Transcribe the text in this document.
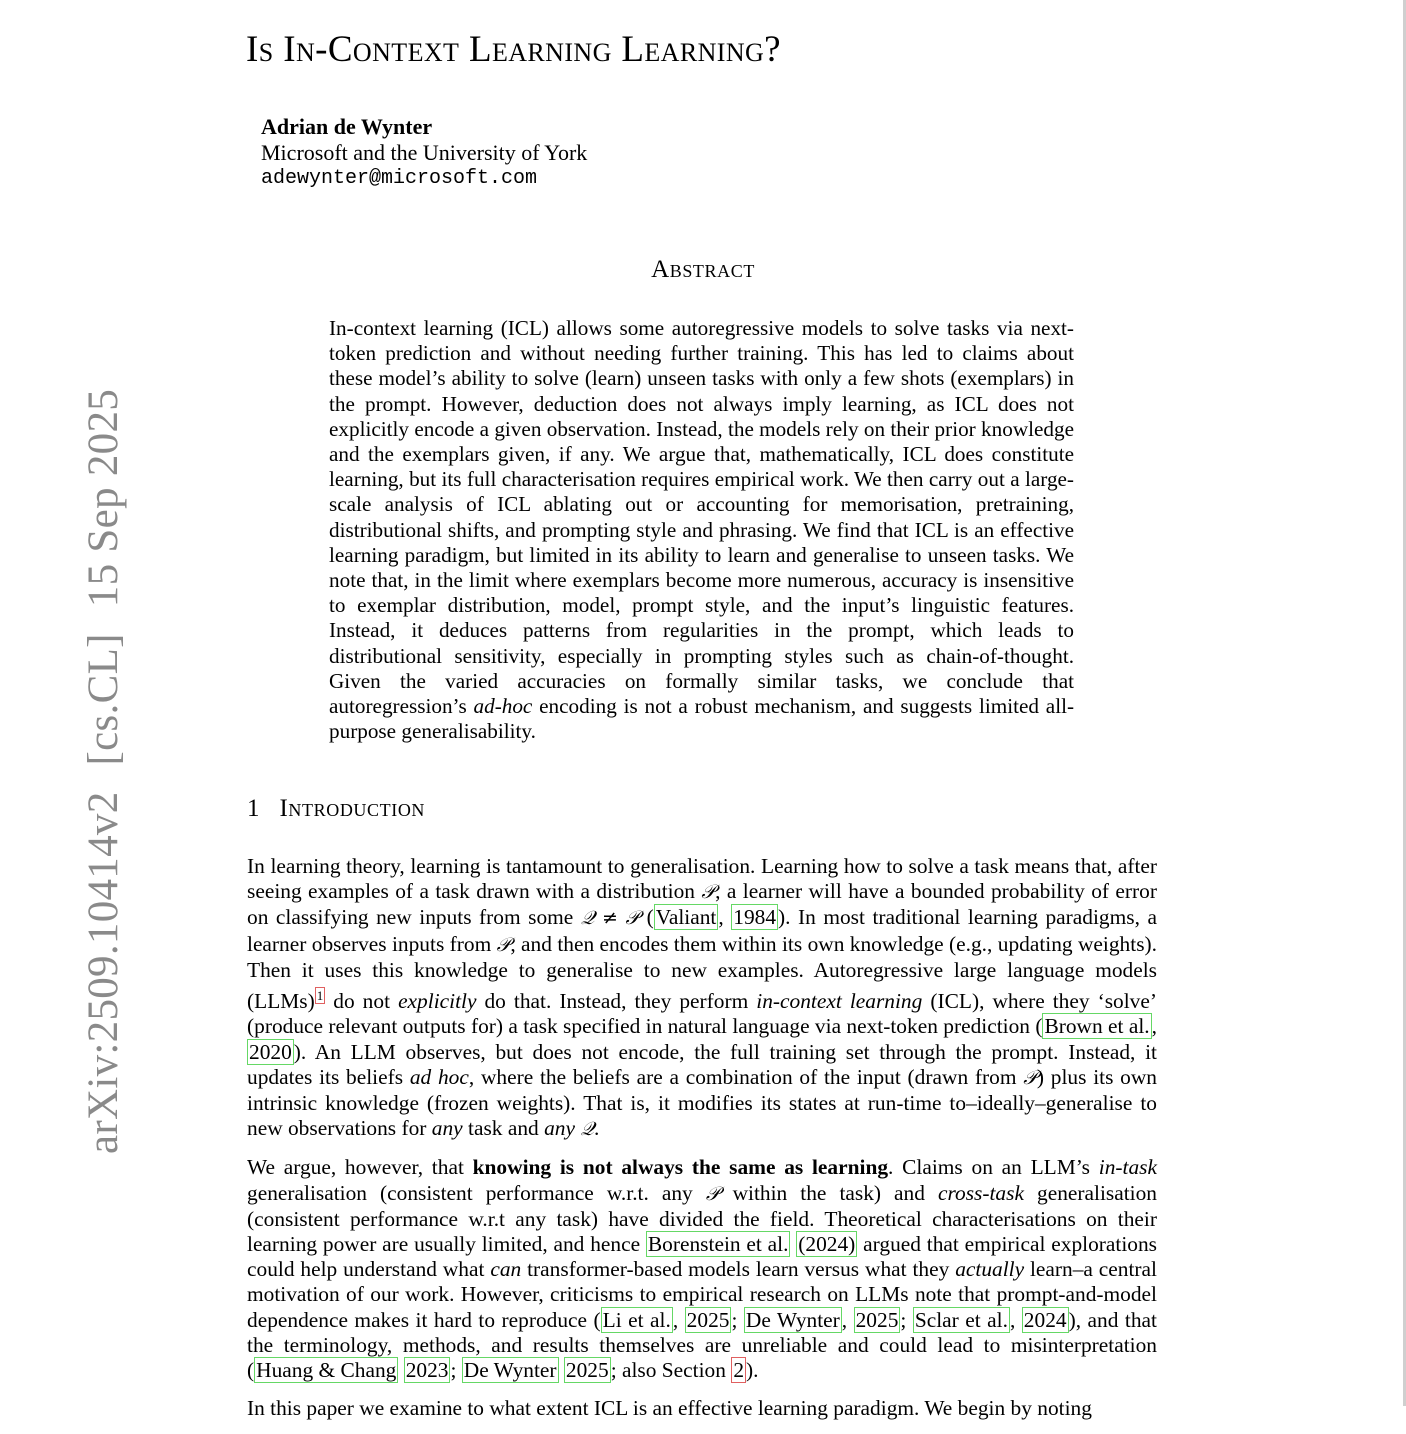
arXiv:2509.10414v2[cs.CL]15 Sep 2025
Is In-Context Learning Learning?
Adrian de Wynter
Microsoft and the University of York
adewynter@microsoft.com
Abstract

In-context learning (ICL) allows some autoregressive models to solve tasks via next-token prediction and without needing further training. This has led to claims about these model’s ability to solve (learn) unseen tasks with only a few shots (exemplars) in the prompt. However, deduction does not always imply learning, as ICL does not explicitly encode a given observation. Instead, the models rely on their prior knowledge and the exemplars given, if any. We argue that, mathematically, ICL does constitute learning, but its full characterisation requires empirical work. We then carry out a large-scale analysis of ICL ablating out or accounting for memorisation, pretraining, distributional shifts, and prompting style and phrasing. We find that ICL is an effective learning paradigm, but limited in its ability to learn and generalise to unseen tasks. We note that, in the limit where exemplars become more numerous, accuracy is insensitive to exemplar distribution, model, prompt style, and the input’s linguistic features. Instead, it deduces patterns from regularities in the prompt, which leads to distributional sensitivity, especially in prompting styles such as chain-of-thought. Given the varied accuracies on formally similar tasks, we conclude that autoregression’s ad-hoc encoding is not a robust mechanism, and suggests limited all-purpose generalisability.

1 Introduction

In learning theory, learning is tantamount to generalisation. Learning how to solve a task means that, after seeing examples of a task drawn with a distribution 𝒫, a learner will have a bounded probability of error on classifying new inputs from some 𝒬 ≠ 𝒫 (Valiant, 1984). In most traditional learning paradigms, a learner observes inputs from 𝒫, and then encodes them within its own knowledge (e.g., updating weights). Then it uses this knowledge to generalise to new examples. Autoregressive large language models (LLMs) $^1$ do not explicitly do that. Instead, they perform in-context learning (ICL), where they ‘solve’ (produce relevant outputs for) a task specified in natural language via next-token prediction (Brown et al., 2020). An LLM observes, but does not encode, the full training set through the prompt. Instead, it updates its beliefs ad hoc, where the beliefs are a combination of the input (drawn from 𝒫) plus its own intrinsic knowledge (frozen weights). That is, it modifies its states at run-time to–ideally–generalise to new observations for any task and any 𝒬.

We argue, however, that knowing is not always the same as learning. Claims on an LLM’s in-task generalisation (consistent performance w.r.t. any 𝒫 within the task) and cross-task generalisation (consistent performance w.r.t any task) have divided the field. Theoretical characterisations on their learning power are usually limited, and hence Borenstein et al. (2024) argued that empirical explorations could help understand what can transformer-based models learn versus what they actually learn–a central motivation of our work. However, criticisms to empirical research on LLMs note that prompt-and-model dependence makes it hard to reproduce (Li et al., 2025; De Wynter, 2025; Sclar et al., 2024), and that the terminology, methods, and results themselves are unreliable and could lead to misinterpretation (Huang & Chang 2023; De Wynter 2025; also Section 2).

In this paper we examine to what extent ICL is an effective learning paradigm. We begin by noting
